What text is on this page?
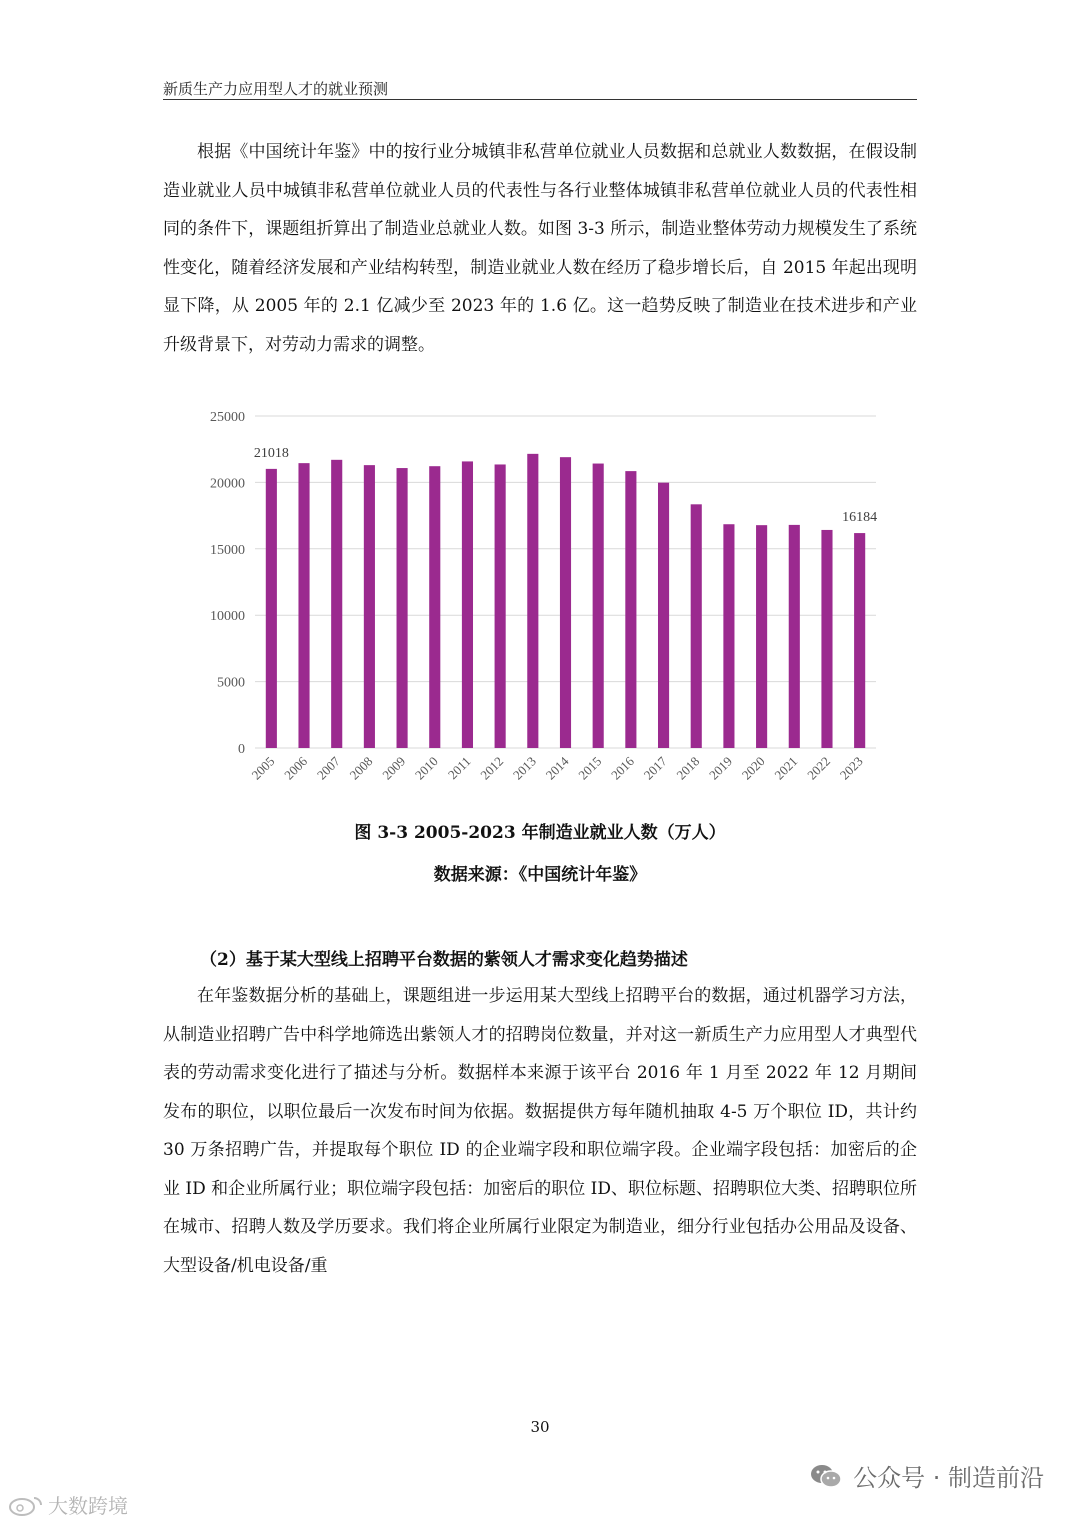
新质生产力应用型人才的就业预测

根据《中国统计年鉴》中的按行业分城镇非私营单位就业人员数据和总就业人数数据，在假设制造业就业人员中城镇非私营单位就业人员的代表性与各行业整体城镇非私营单位就业人员的代表性相同的条件下，课题组折算出了制造业总就业人数。如图 3-3 所示，制造业整体劳动力规模发生了系统性变化，随着经济发展和产业结构转型，制造业就业人数在经历了稳步增长后，自 2015 年起出现明显下降，从 2005 年的 2.1 亿减少至 2023 年的 1.6 亿。这一趋势反映了制造业在技术进步和产业升级背景下，对劳动力需求的调整。

0
5000
10000
15000
20000
25000
21018
16184
2005 2006 2007 2008 2009 2010 2011 2012 2013 2014 2015 2016 2017 2018 2019 2020 2021 2022 2023

图 3-3 2005-2023 年制造业就业人数（万人）

数据来源：《中国统计年鉴》

（2）基于某大型线上招聘平台数据的紫领人才需求变化趋势描述

在年鉴数据分析的基础上，课题组进一步运用某大型线上招聘平台的数据，通过机器学习方法，从制造业招聘广告中科学地筛选出紫领人才的招聘岗位数量，并对这一新质生产力应用型人才典型代表的劳动需求变化进行了描述与分析。数据样本来源于该平台 2016 年 1 月至 2022 年 12 月期间发布的职位，以职位最后一次发布时间为依据。数据提供方每年随机抽取 4-5 万个职位 ID，共计约 30 万条招聘广告，并提取每个职位 ID 的企业端字段和职位端字段。企业端字段包括：加密后的企业 ID 和企业所属行业；职位端字段包括：加密后的职位 ID、职位标题、招聘职位大类、招聘职位所在城市、招聘人数及学历要求。我们将企业所属行业限定为制造业，细分行业包括办公用品及设备、大型设备/机电设备/重

30
公众号 · 制造前沿
大数跨境
